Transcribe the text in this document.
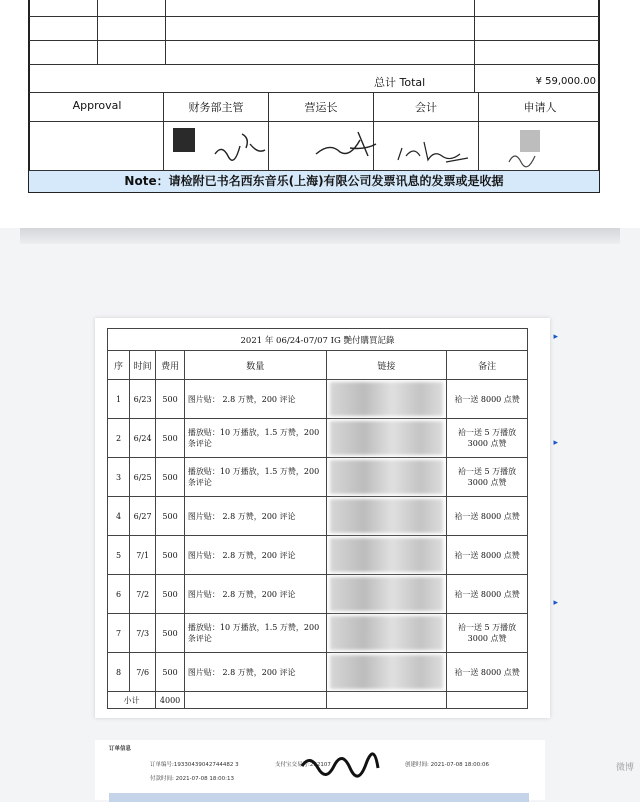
总计 Total	¥ 59,000.00
Approval	财务部主管	营运长	会计	申请人
Note：请检附已书名西东音乐(上海)有限公司发票讯息的发票或是收据
2021 年 06/24-07/07 IG 艷付購買記錄					
序	时间	费用	数量	链接	备注
1	6/23	500	图片贴： 2.8 万赞，200 评论		袷一送 8000 点赞
2	6/24	500	播放贴：10 万播放，1.5 万赞，200 条评论		袷一送 5 万播放 3000 点赞
3	6/25	500	播放贴：10 万播放，1.5 万赞，200 条评论		袷一送 5 万播放 3000 点赞
4	6/27	500	图片贴： 2.8 万赞，200 评论		袷一送 8000 点赞
5	7/1	500	图片贴： 2.8 万赞，200 评论		袷一送 8000 点赞
6	7/2	500	图片贴： 2.8 万赞，200 评论		袷一送 8000 点赞
7	7/3	500	播放贴：10 万播放，1.5 万赞，200 条评论		袷一送 5 万播放 3000 点赞
8	7/6	500	图片贴： 2.8 万赞，200 评论		袷一送 8000 点赞
小计		4000			
▸
▸
▸
订单信息
订单编号:19330439042744482 3	支付宝交易号:202107	创建时间: 2021-07-08 18:00:06
付款时间: 2021-07-08 18:00:13
微博
